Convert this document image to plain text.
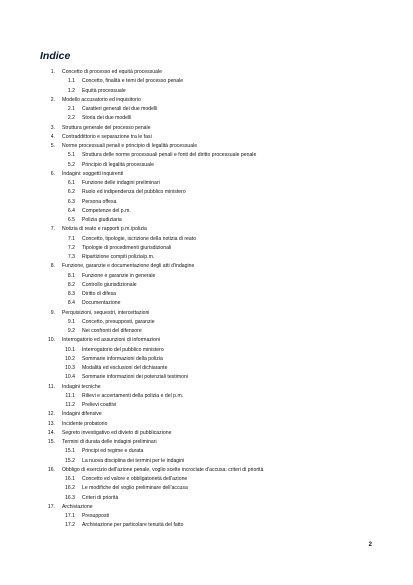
Indice
1. Concetto di processo ed equità processuale
1.1 Concetto, finalità e temi del processo penale
1.2 Equità processuale
2. Modello accusatorio ed inquisitorio
2.1 Caratteri generali dei due modelli
2.2 Storia dei due modelli
3. Struttura generale del processo penale
4. Contraddittorio e separazione tra le fasi
5. Norme processuali penali e principio di legalità processuale
5.1 Struttura delle norme processuali penali e fonti del diritto processuale penale
5.2 Principio di legalità processuale
6. Indagini: soggetti inquirenti
6.1 Funzione delle indagini preliminari
6.2 Ruolo ed indipendenza del pubblico ministero
6.3 Persona offesa
6.4 Competenze del p.m.
6.5 Polizia giudiziaria
7. Notizia di reato e rapporti p.m./polizia
7.1 Concetto, tipologie, iscrizione della notizia di reato
7.2 Tipologie di procedimenti giurisdizionali
7.3 Ripartizione compiti polizia/p.m.
8. Funzione, garanzie e documentazione degli atti d'indagine
8.1 Funzione e garanzie in generale
8.2 Controllo giurisdizionale
8.3 Diritto di difesa
8.4 Documentazione
9. Perquisizioni, sequestri, intercettazioni
9.1 Concetto, presupposti, garanzie
9.2 Nei confronti del difensore
10. Interrogatorio ed assunzioni di informazioni
10.1 Interrogatorio del pubblico ministero
10.2 Sommarie informazioni della polizia
10.3 Modalità ed esclusioni del dichiarante
10.4 Sommarie informazioni dei potenziali testimoni
11. Indagini tecniche
11.1 Rilievi e accertamenti della polizia e del p.m.
11.2 Prelievi coattivi
12. Indagini difensive
13. Incidente probatorio
14. Segreto investigativo ed divieto di pubblicazione
15. Termini di durata delle indagini preliminari
15.1 Principi ed regime e durata
15.2 La nuova disciplina dei termini per le indagini
16. Obbligo di esercizio dell'azione penale, voglio scelte incrociate d'accusa: criteri di priorità
16.1 Concetto ed valore e obbligatorietà dell'azione
16.2 Le modifiche del voglio preliminare dell'accusa
16.3 Criteri di priorità
17. Archiviazione
17.1 Presupposti
17.2 Archiviazione per particolare tenuità del fatto
2
